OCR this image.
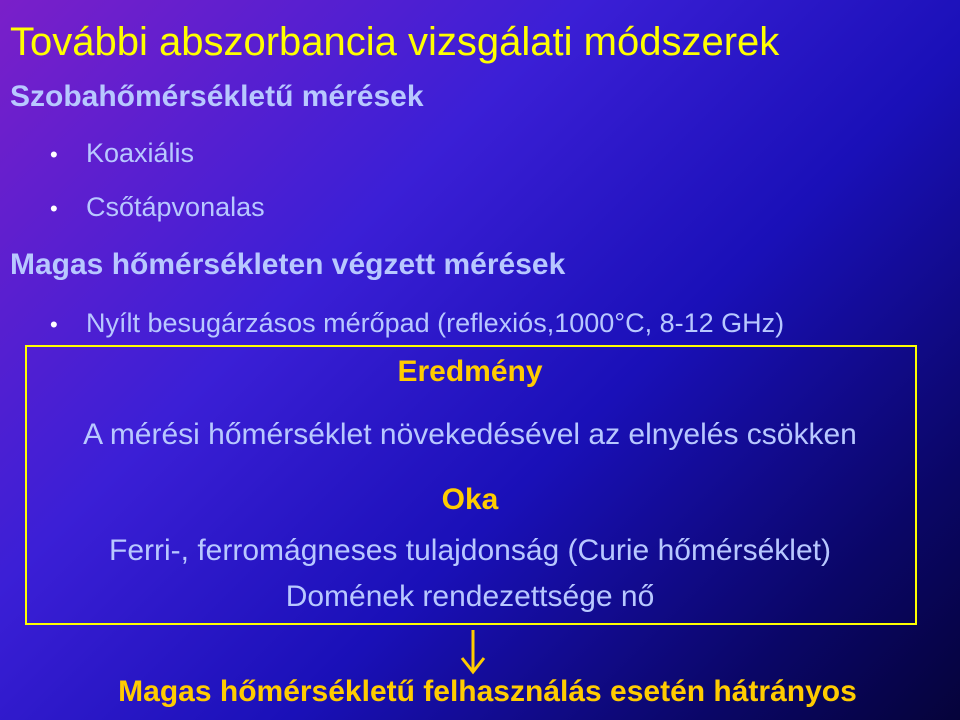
További abszorbancia vizsgálati módszerek
Szobahőmérsékletű mérések
• Koaxiális
• Csőtápvonalas
Magas hőmérsékleten végzett mérések
• Nyílt besugárzásos mérőpad (reflexiós,1000°C, 8-12 GHz)
Eredmény
A mérési hőmérséklet növekedésével az elnyelés csökken
Oka
Ferri-, ferromágneses tulajdonság (Curie hőmérséklet)
Domének rendezettsége nő
Magas hőmérsékletű felhasználás esetén hátrányos
